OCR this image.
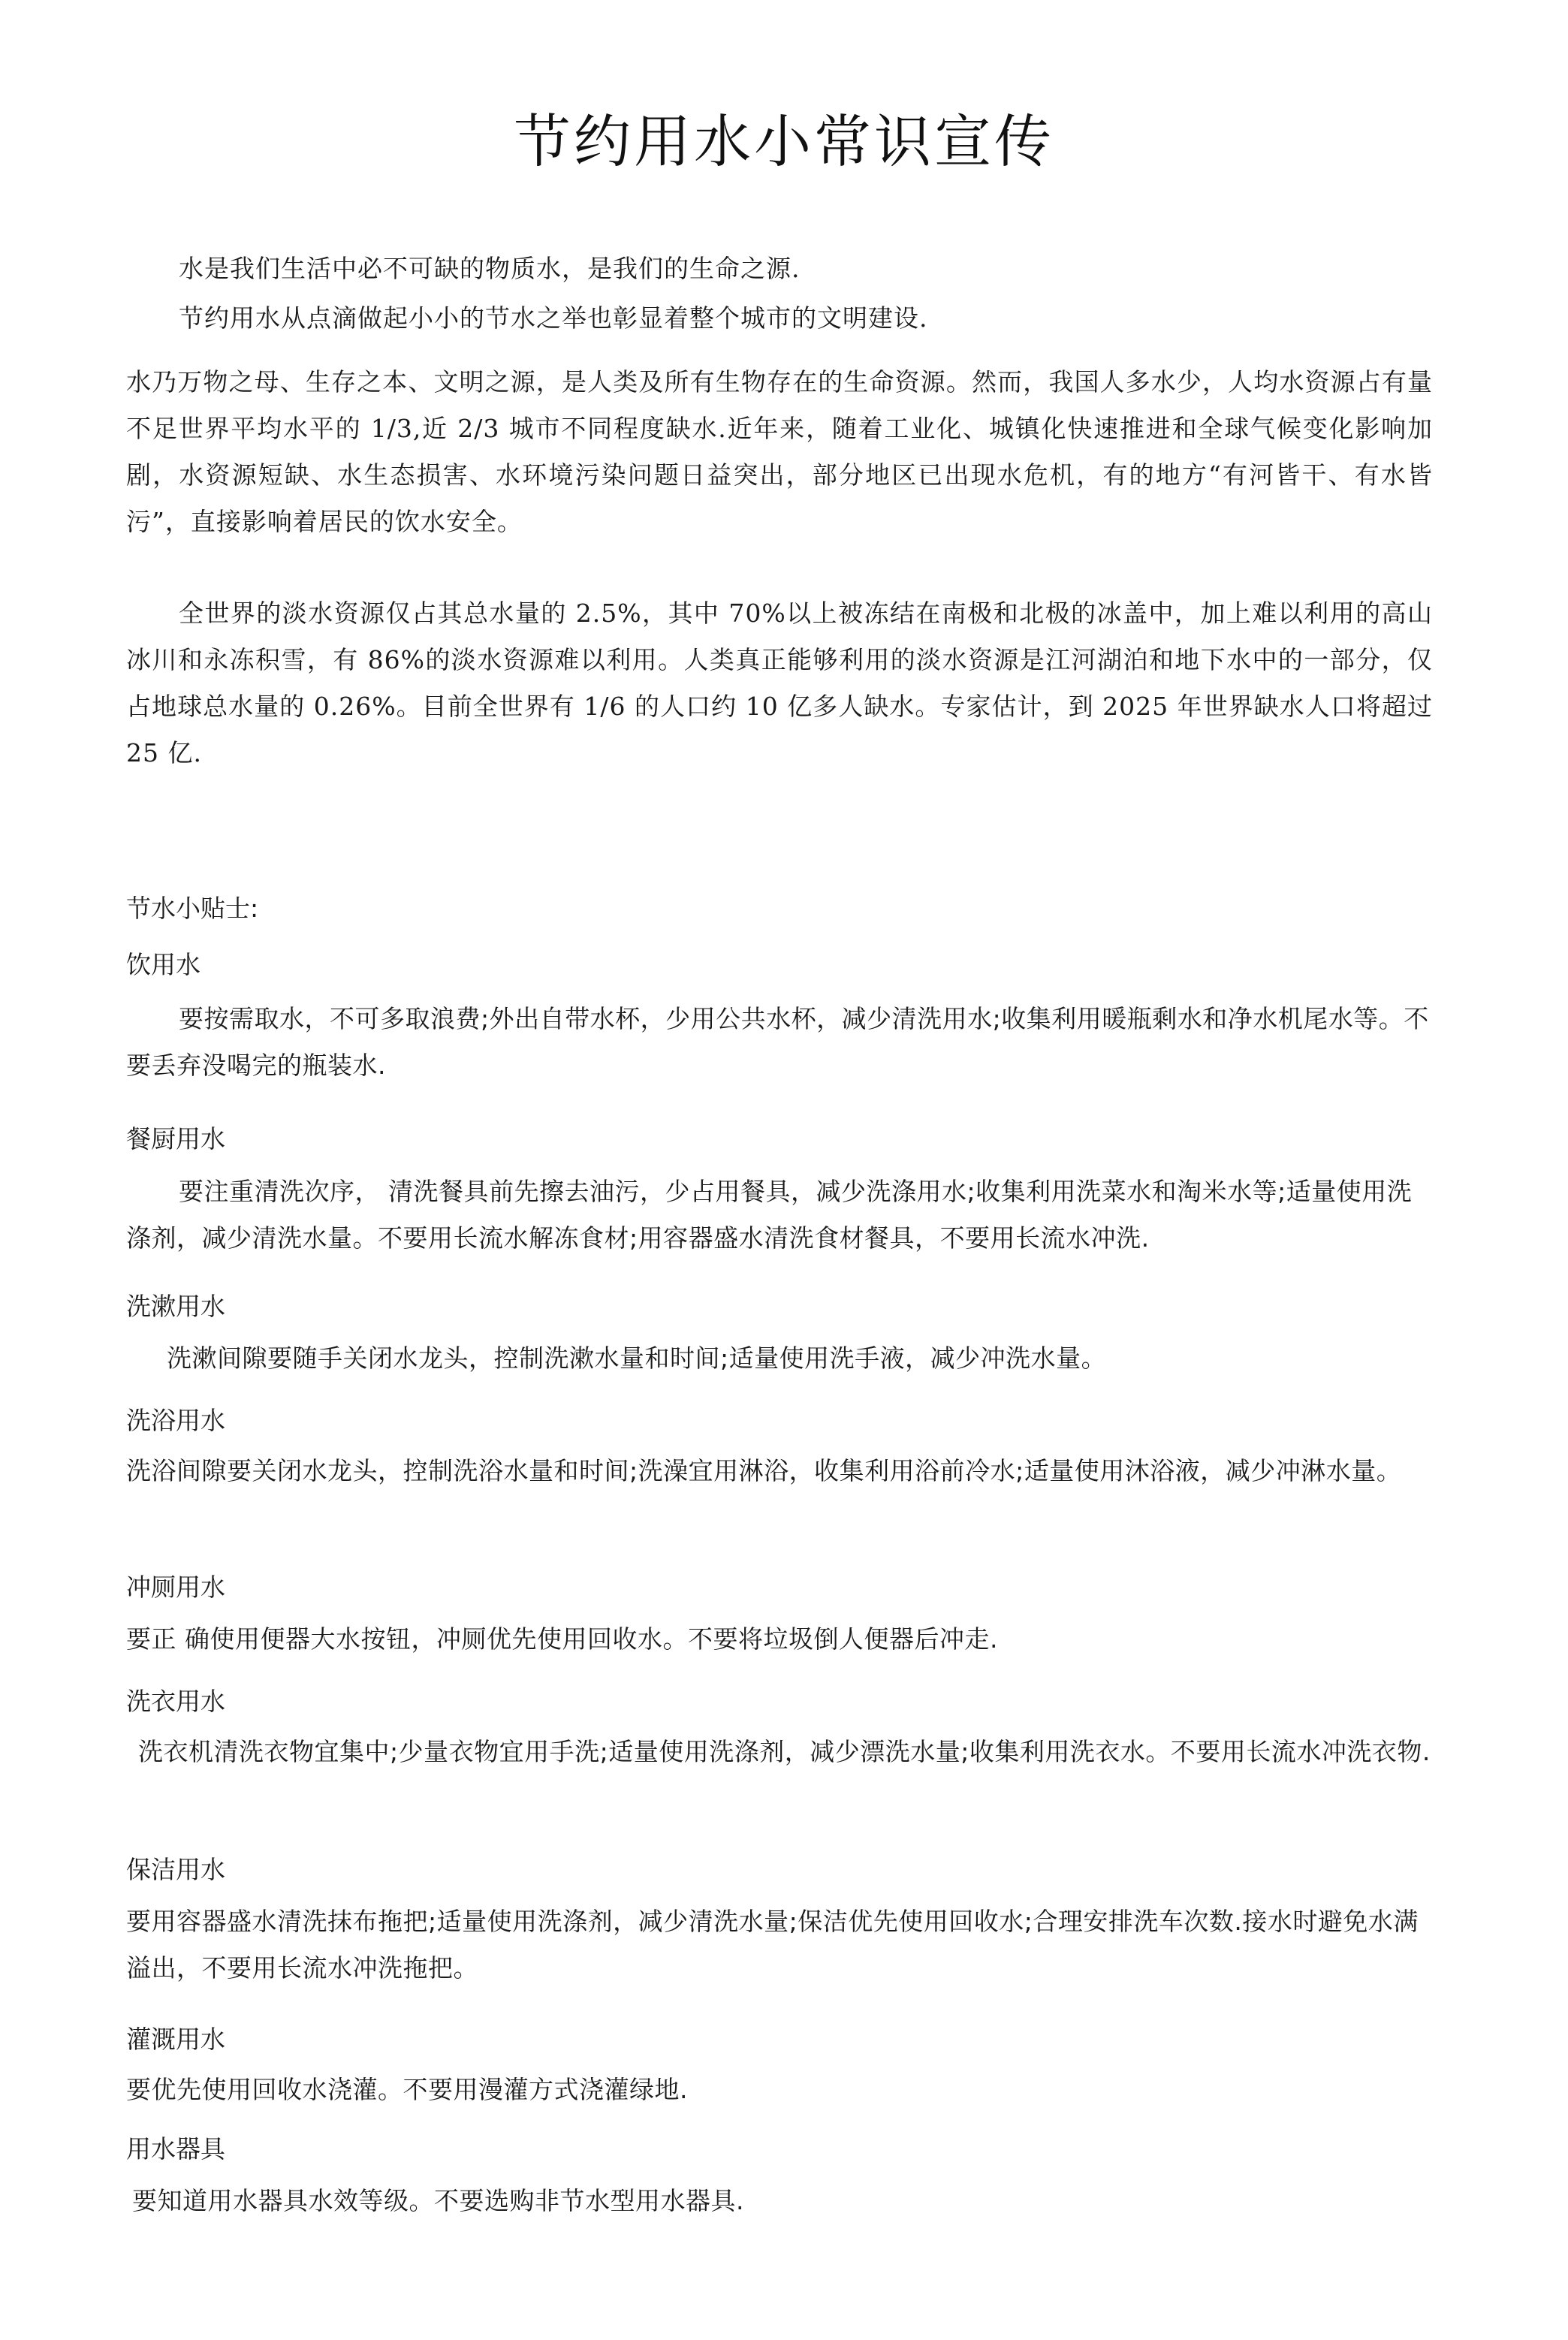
节约用水小常识宣传
水是我们生活中必不可缺的物质水，是我们的生命之源.
节约用水从点滴做起小小的节水之举也彰显着整个城市的文明建设.
水乃万物之母、生存之本、文明之源，是人类及所有生物存在的生命资源。然而，我国人多水少，人均水资源占有量不足世界平均水平的 1/3,近 2/3 城市不同程度缺水.近年来，随着工业化、城镇化快速推进和全球气候变化影响加剧，水资源短缺、水生态损害、水环境污染问题日益突出，部分地区已出现水危机，有的地方“有河皆干、有水皆污”，直接影响着居民的饮水安全。
全世界的淡水资源仅占其总水量的 2.5%，其中 70%以上被冻结在南极和北极的冰盖中，加上难以利用的高山冰川和永冻积雪，有 86%的淡水资源难以利用。人类真正能够利用的淡水资源是江河湖泊和地下水中的一部分，仅占地球总水量的 0.26%。目前全世界有 1/6 的人口约 10 亿多人缺水。专家估计，到 2025 年世界缺水人口将超过 25 亿.
节水小贴士:
饮用水
要按需取水，不可多取浪费;外出自带水杯，少用公共水杯，减少清洗用水;收集利用暖瓶剩水和净水机尾水等。不要丢弃没喝完的瓶装水.
餐厨用水
要注重清洗次序， 清洗餐具前先擦去油污，少占用餐具，减少洗涤用水;收集利用洗菜水和淘米水等;适量使用洗涤剂，减少清洗水量。不要用长流水解冻食材;用容器盛水清洗食材餐具，不要用长流水冲洗.
洗漱用水
洗漱间隙要随手关闭水龙头，控制洗漱水量和时间;适量使用洗手液，减少冲洗水量。
洗浴用水
洗浴间隙要关闭水龙头，控制洗浴水量和时间;洗澡宜用淋浴，收集利用浴前冷水;适量使用沐浴液，减少冲淋水量。
冲厕用水
要正 确使用便器大水按钮，冲厕优先使用回收水。不要将垃圾倒人便器后冲走.
洗衣用水
洗衣机清洗衣物宜集中;少量衣物宜用手洗;适量使用洗涤剂，减少漂洗水量;收集利用洗衣水。不要用长流水冲洗衣物.
保洁用水
要用容器盛水清洗抹布拖把;适量使用洗涤剂，减少清洗水量;保洁优先使用回收水;合理安排洗车次数.接水时避免水满溢出，不要用长流水冲洗拖把。
灌溉用水
要优先使用回收水浇灌。不要用漫灌方式浇灌绿地.
用水器具
要知道用水器具水效等级。不要选购非节水型用水器具.
